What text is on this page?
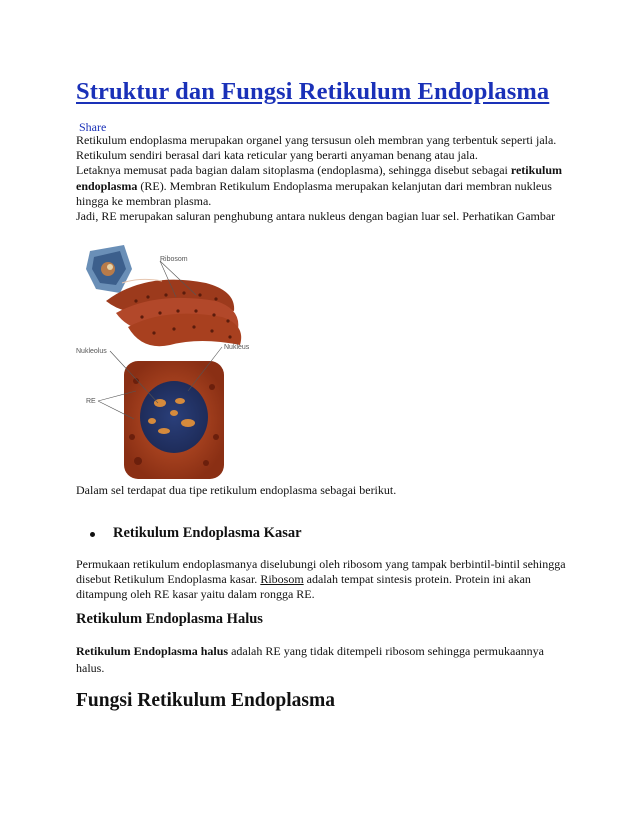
Struktur dan Fungsi Retikulum Endoplasma
Share

Retikulum endoplasma merupakan organel yang tersusun oleh membran yang terbentuk seperti jala. Retikulum sendiri berasal dari kata reticular yang berarti anyaman benang atau jala.
Letaknya memusat pada bagian dalam sitoplasma (endoplasma), sehingga disebut sebagai retikulum endoplasma (RE). Membran Retikulum Endoplasma merupakan kelanjutan dari membran nukleus hingga ke membran plasma.
Jadi, RE merupakan saluran penghubung antara nukleus dengan bagian luar sel. Perhatikan Gambar

Dalam sel terdapat dua tipe retikulum endoplasma sebagai berikut.

Retikulum Endoplasma Kasar

Permukaan retikulum endoplasmanya diselubungi oleh ribosom yang tampak berbintil-bintil sehingga disebut Retikulum Endoplasma kasar. Ribosom adalah tempat sintesis protein. Protein ini akan ditampung oleh RE kasar yaitu dalam rongga RE.

Retikulum Endoplasma Halus

Retikulum Endoplasma halus adalah RE yang tidak ditempeli ribosom sehingga permukaannya halus.

Fungsi Retikulum Endoplasma
Ribosom
Nukleolus
Nukleus
RE
